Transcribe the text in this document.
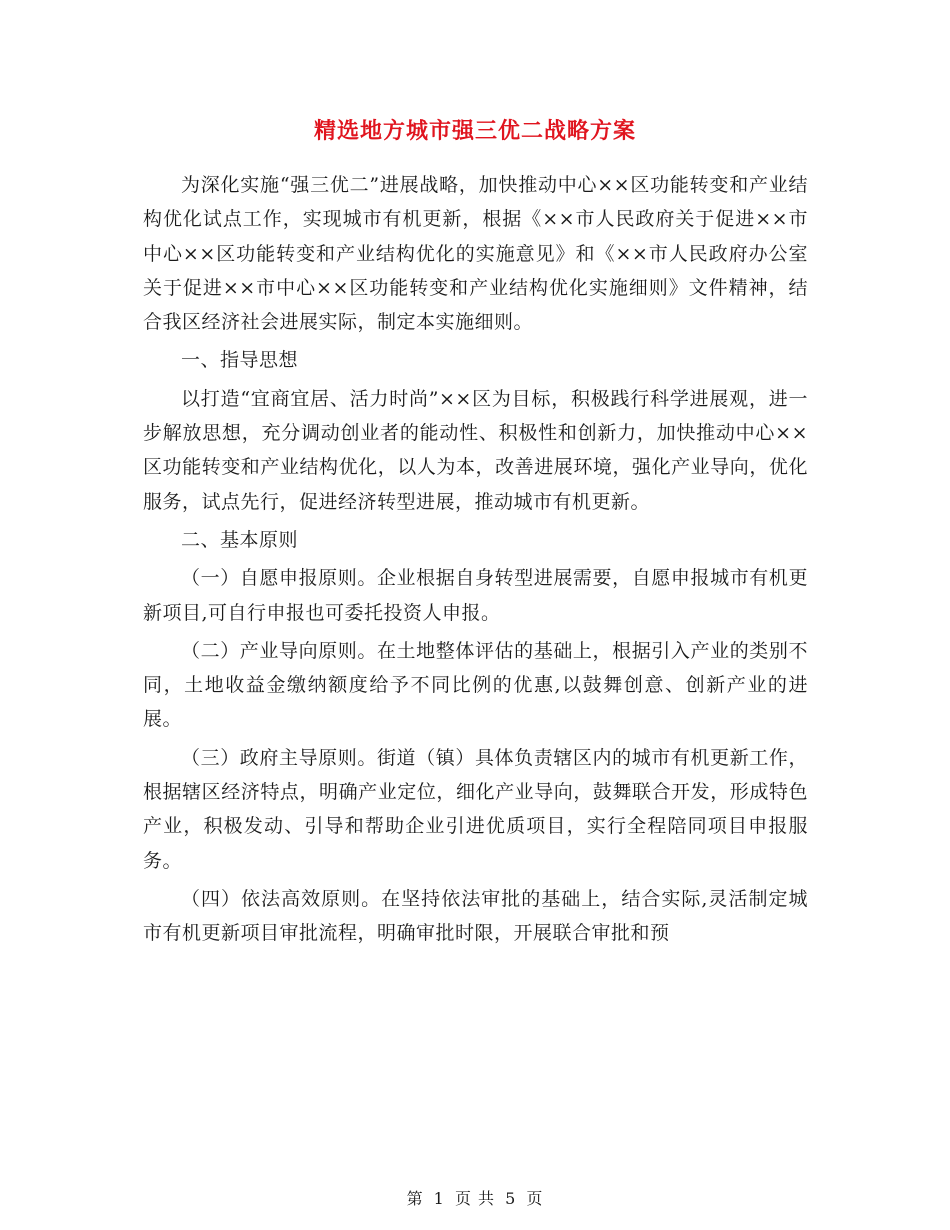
精选地方城市强三优二战略方案

为深化实施“强三优二”进展战略，加快推动中心××区功能转变和产业结构优化试点工作，实现城市有机更新，根据《××市人民政府关于促进××市中心××区功能转变和产业结构优化的实施意见》和《××市人民政府办公室关于促进××市中心××区功能转变和产业结构优化实施细则》文件精神，结合我区经济社会进展实际，制定本实施细则。

一、指导思想

以打造“宜商宜居、活力时尚”××区为目标，积极践行科学进展观，进一步解放思想，充分调动创业者的能动性、积极性和创新力，加快推动中心××区功能转变和产业结构优化，以人为本，改善进展环境，强化产业导向，优化服务，试点先行，促进经济转型进展，推动城市有机更新。

二、基本原则

（一）自愿申报原则。企业根据自身转型进展需要，自愿申报城市有机更新项目,可自行申报也可委托投资人申报。

（二）产业导向原则。在土地整体评估的基础上，根据引入产业的类别不同，土地收益金缴纳额度给予不同比例的优惠,以鼓舞创意、创新产业的进展。

（三）政府主导原则。街道（镇）具体负责辖区内的城市有机更新工作，根据辖区经济特点，明确产业定位，细化产业导向，鼓舞联合开发，形成特色产业，积极发动、引导和帮助企业引进优质项目，实行全程陪同项目申报服务。

（四）依法高效原则。在坚持依法审批的基础上，结合实际,灵活制定城市有机更新项目审批流程，明确审批时限，开展联合审批和预

第 1 页 共 5 页
